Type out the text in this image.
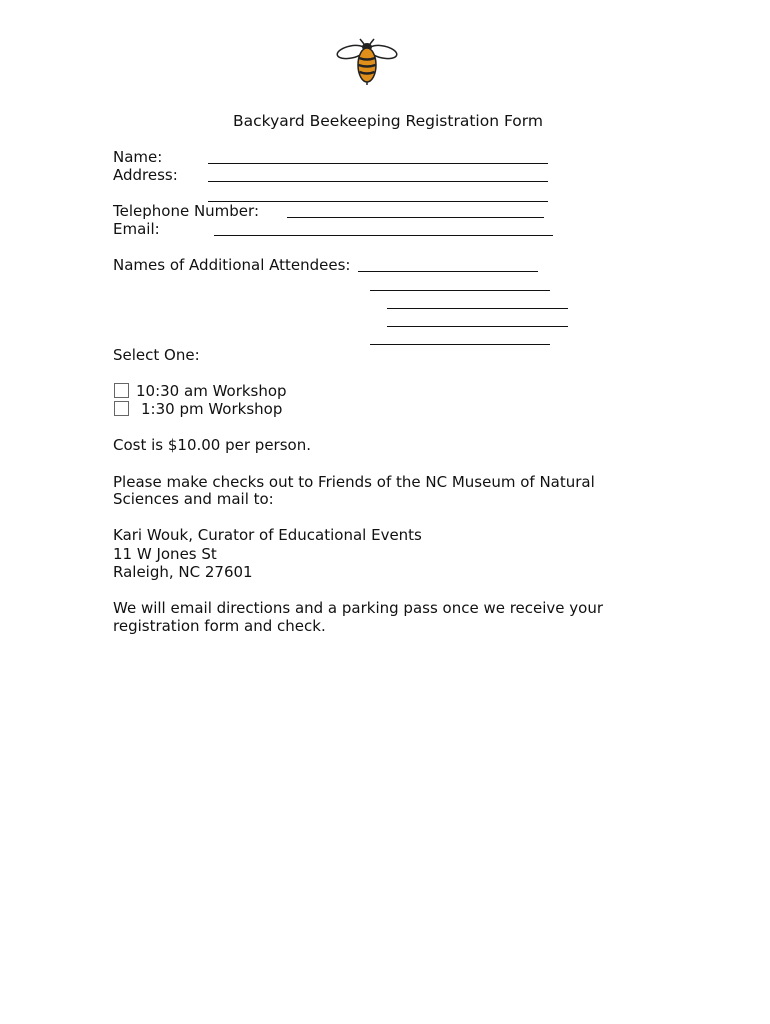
Backyard Beekeeping Registration Form
Name:
Address:
Telephone Number:
Email:
Names of Additional Attendees:
Select One:
10:30 am Workshop
1:30 pm Workshop
Cost is $10.00 per person.
Please make checks out to Friends of the NC Museum of Natural
Sciences and mail to:
Kari Wouk, Curator of Educational Events
11 W Jones St
Raleigh, NC 27601
We will email directions and a parking pass once we receive your
registration form and check.
